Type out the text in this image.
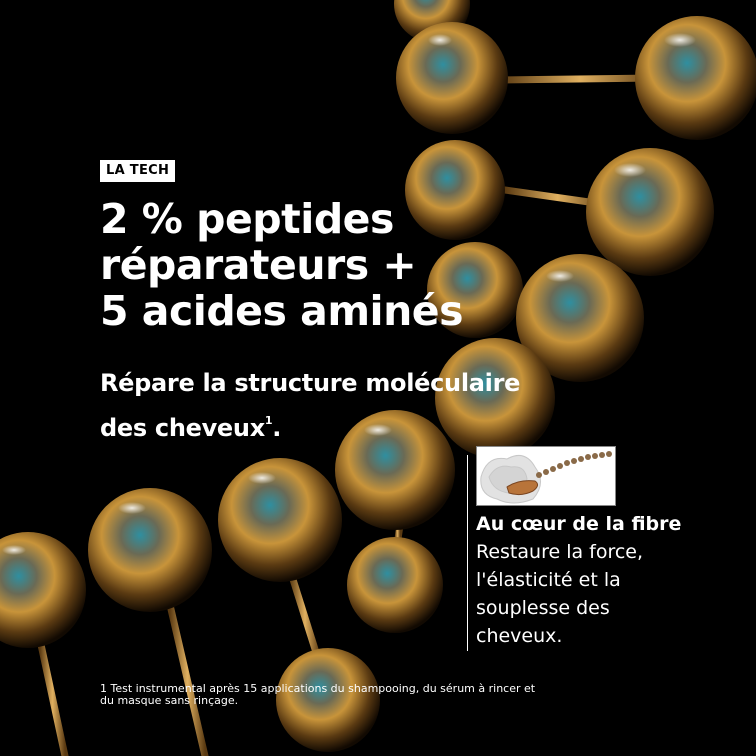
LA TECH
2 % peptides
réparateurs +
5 acides aminés
Répare la structure moléculaire
des cheveux$^1$.
Au cœur de la fibre
Restaure la force,
l'élasticité et la
souplesse des
cheveux.
1 Test instrumental après 15 applications du shampooing, du sérum à rincer et
du masque sans rinçage.
